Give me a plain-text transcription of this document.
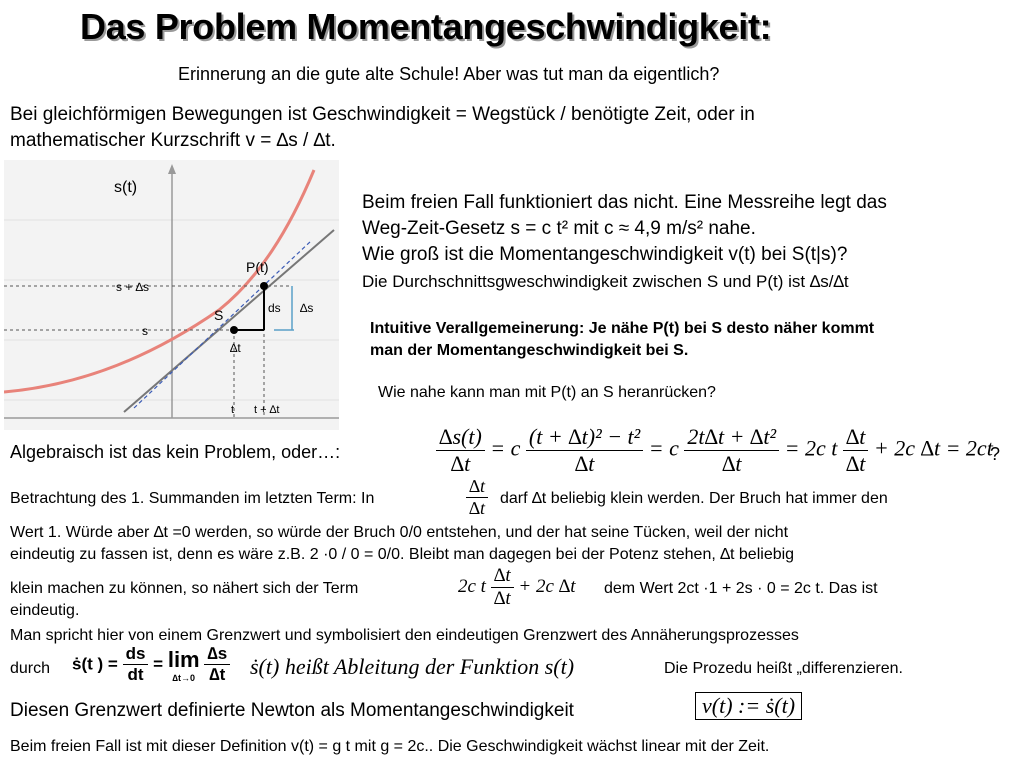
Das Problem Momentangeschwindigkeit:
Erinnerung an die gute alte Schule! Aber was tut man da eigentlich?
Bei gleichförmigen Bewegungen ist Geschwindigkeit = Wegstück / benötigte Zeit, oder in
mathematischer Kurzschrift v = ∆s / ∆t.
s(t)
P(t)
S
s + ∆s
s
t t + ∆t
∆t
ds ∆s
Beim freien Fall funktioniert das nicht. Eine Messreihe legt das
Weg-Zeit-Gesetz s = c t² mit c ≈ 4,9 m/s² nahe.
Wie groß ist die Momentangeschwindigkeit v(t) bei S(t|s)?
Die Durchschnittsgweschwindigkeit zwischen S und P(t) ist ∆s/∆t
Intuitive Verallgemeinerung: Je nähe P(t) bei S desto näher kommt
man der Momentangeschwindigkeit bei S.
Wie nahe kann man mit P(t) an S heranrücken?
Algebraisch ist das kein Problem, oder…:	$\frac{\Delta s(t)}{\Delta t} = c \frac{\text{(t + ∆t)² − t²}}{\Delta t} = c \frac{\text{2t∆t + ∆t²}}{\Delta t} = 2c$ t $\frac{\Delta t}{\Delta t} + 2c$ ∆t = 2ct
?
Betrachtung des 1. Summanden im letzten Term: In	$\frac{\Delta t}{\Delta t}$ darf ∆t beliebig klein werden. Der Bruch hat immer den
Wert 1. Würde aber ∆t =0 werden, so würde der Bruch 0/0 entstehen, und der hat seine Tücken, weil der nicht
eindeutig zu fassen ist, denn es wäre z.B. 2 ·0 / 0 = 0/0. Bleibt man dagegen bei der Potenz stehen, ∆t beliebig
klein machen zu können, so nähert sich der Term	2c t $\frac{\Delta t}{\Delta t} + 2c$ ∆t dem Wert 2ct ·1 + 2s · 0 = 2c t. Das ist
eindeutig.
Man spricht hier von einem Grenzwert und symbolisiert den eindeutigen Grenzwert des Annäherungsprozesses
durch ṡ(t ) = $\frac{ds}{dt} = \lim$
∆t→0
$\frac{\Delta s}{\Delta t}$ ṡ(t) heißt Ableitung der Funktion s(t)	Die Prozedu heißt „differenzieren.
Diesen Grenzwert definierte Newton als Momentangeschwindigkeit	v(t) := ṡ(t)
Beim freien Fall ist mit dieser Definition v(t) = g t mit g = 2c.. Die Geschwindigkeit wächst linear mit der Zeit.
